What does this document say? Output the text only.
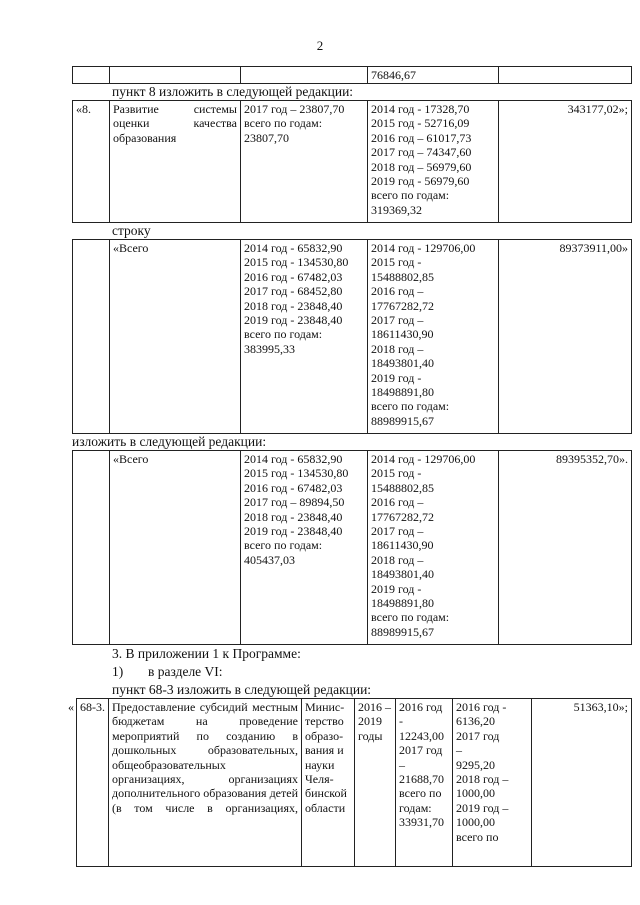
2
			76846,67	
пункт 8 изложить в следующей редакции:
«8.	Развитие системы оценки качества образования	2017 год – 23807,70
всего по годам:
23807,70	2014 год - 17328,70
2015 год - 52716,09
2016 год – 61017,73
2017 год – 74347,60
2018 год – 56979,60
2019 год - 56979,60
всего по годам:
319369,32	343177,02»;
строку
	«Всего	2014 год - 65832,90
2015 год - 134530,80
2016 год - 67482,03
2017 год - 68452,80
2018 год - 23848,40
2019 год - 23848,40
всего по годам:
383995,33	2014 год - 129706,00
2015 год -
15488802,85
2016 год –
17767282,72
2017 год –
18611430,90
2018 год –
18493801,40
2019 год -
18498891,80
всего по годам:
88989915,67	89373911,00»
изложить в следующей редакции:
	«Всего	2014 год - 65832,90
2015 год - 134530,80
2016 год - 67482,03
2017 год – 89894,50
2018 год - 23848,40
2019 год - 23848,40
всего по годам:
405437,03	2014 год - 129706,00
2015 год -
15488802,85
2016 год –
17767282,72
2017 год –
18611430,90
2018 год –
18493801,40
2019 год -
18498891,80
всего по годам:
88989915,67	89395352,70».
3. В приложении 1 к Программе:
1) в разделе VI:
пункт 68-3 изложить в следующей редакции:
« 68-3.	Предоставление субсидий местным бюджетам на проведение мероприятий по созданию в дошкольных образовательных, общеобразовательных организациях, организациях дополнительного образования детей (в том числе в организациях,	Минис-
терство
образо-
вания и
науки
Челя-
бинской
области	2016 –
2019
годы	2016 год
-
12243,00
2017 год
–
21688,70
всего по
годам:
33931,70	2016 год -
6136,20
2017 год
–
9295,20
2018 год –
1000,00
2019 год –
1000,00
всего по	51363,10»;
